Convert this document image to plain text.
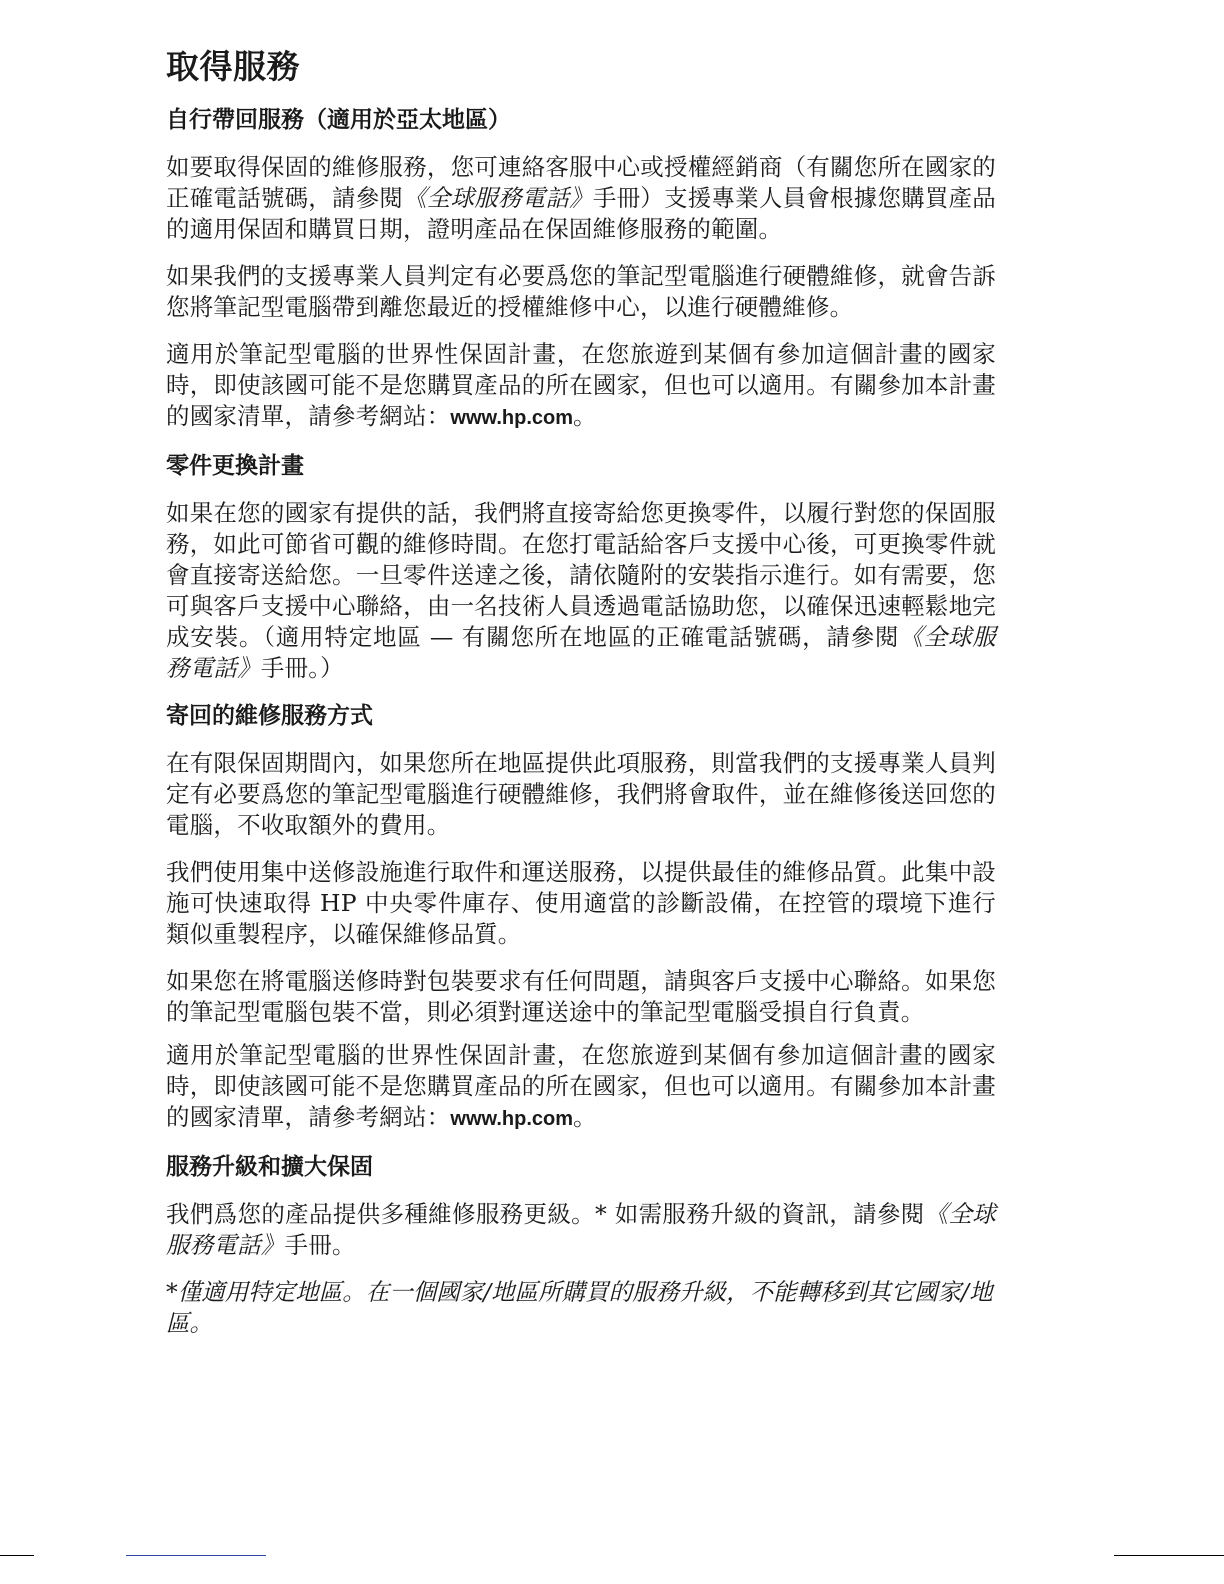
取得服務
自行帶回服務（適用於亞太地區）

如要取得保固的維修服務，您可連絡客服中心或授權經銷商（有關您所在國家的正確電話號碼，請參閱《全球服務電話》手冊）支援專業人員會根據您購買產品的適用保固和購買日期，證明產品在保固維修服務的範圍。

如果我們的支援專業人員判定有必要爲您的筆記型電腦進行硬體維修，就會告訴您將筆記型電腦帶到離您最近的授權維修中心，以進行硬體維修。

適用於筆記型電腦的世界性保固計畫，在您旅遊到某個有參加這個計畫的國家時，即使該國可能不是您購買產品的所在國家，但也可以適用。有關參加本計畫的國家清單，請參考網站：www.hp.com。

零件更換計畫

如果在您的國家有提供的話，我們將直接寄給您更換零件，以履行對您的保固服務，如此可節省可觀的維修時間。在您打電話給客戶支援中心後，可更換零件就會直接寄送給您。一旦零件送達之後，請依隨附的安裝指示進行。如有需要，您可與客戶支援中心聯絡，由一名技術人員透過電話協助您，以確保迅速輕鬆地完成安裝。（適用特定地區 — 有關您所在地區的正確電話號碼，請參閱《全球服務電話》手冊。）

寄回的維修服務方式

在有限保固期間內，如果您所在地區提供此項服務，則當我們的支援專業人員判定有必要爲您的筆記型電腦進行硬體維修，我們將會取件，並在維修後送回您的電腦，不收取額外的費用。

我們使用集中送修設施進行取件和運送服務，以提供最佳的維修品質。此集中設施可快速取得 HP 中央零件庫存、使用適當的診斷設備，在控管的環境下進行類似重製程序，以確保維修品質。

如果您在將電腦送修時對包裝要求有任何問題，請與客戶支援中心聯絡。如果您的筆記型電腦包裝不當，則必須對運送途中的筆記型電腦受損自行負責。

適用於筆記型電腦的世界性保固計畫，在您旅遊到某個有參加這個計畫的國家時，即使該國可能不是您購買產品的所在國家，但也可以適用。有關參加本計畫的國家清單，請參考網站：www.hp.com。

服務升級和擴大保固

我們爲您的產品提供多種維修服務更級。* 如需服務升級的資訊，請參閱《全球服務電話》手冊。

*僅適用特定地區。在一個國家/地區所購買的服務升級，不能轉移到其它國家/地區。
